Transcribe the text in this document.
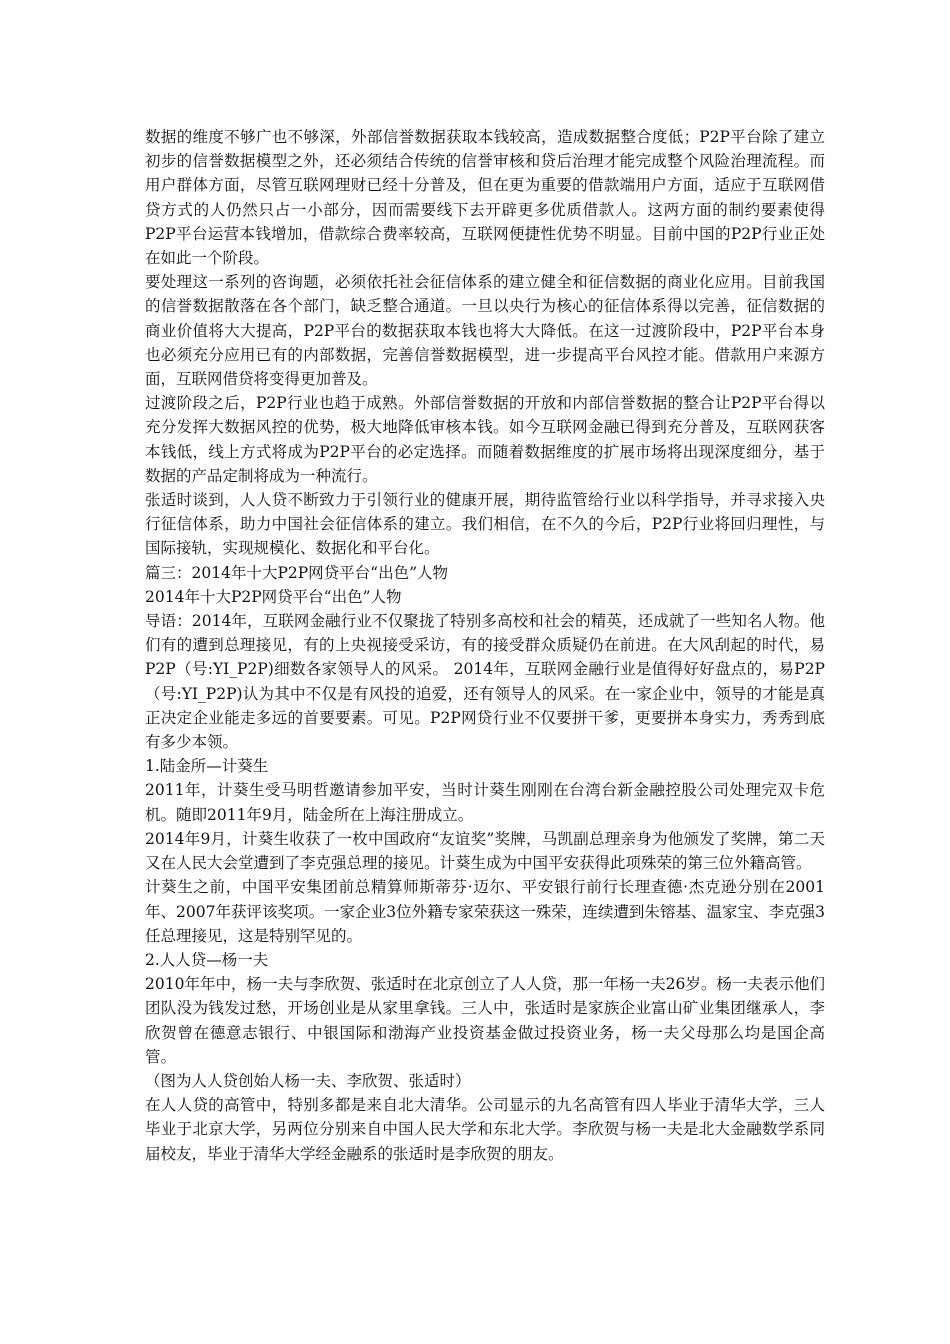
数据的维度不够广也不够深，外部信誉数据获取本钱较高，造成数据整合度低；P2P平台除了建立初步的信誉数据模型之外，还必须结合传统的信誉审核和贷后治理才能完成整个风险治理流程。而用户群体方面，尽管互联网理财已经十分普及，但在更为重要的借款端用户方面，适应于互联网借贷方式的人仍然只占一小部分，因而需要线下去开辟更多优质借款人。这两方面的制约要素使得P2P平台运营本钱增加，借款综合费率较高，互联网便捷性优势不明显。目前中国的P2P行业正处在如此一个阶段。

要处理这一系列的咨询题，必须依托社会征信体系的建立健全和征信数据的商业化应用。目前我国的信誉数据散落在各个部门，缺乏整合通道。一旦以央行为核心的征信体系得以完善，征信数据的商业价值将大大提高，P2P平台的数据获取本钱也将大大降低。在这一过渡阶段中，P2P平台本身也必须充分应用已有的内部数据，完善信誉数据模型，进一步提高平台风控才能。借款用户来源方面，互联网借贷将变得更加普及。

过渡阶段之后，P2P行业也趋于成熟。外部信誉数据的开放和内部信誉数据的整合让P2P平台得以充分发挥大数据风控的优势，极大地降低审核本钱。如今互联网金融已得到充分普及，互联网获客本钱低，线上方式将成为P2P平台的必定选择。而随着数据维度的扩展市场将出现深度细分，基于数据的产品定制将成为一种流行。

张适时谈到，人人贷不断致力于引领行业的健康开展，期待监管给行业以科学指导，并寻求接入央行征信体系，助力中国社会征信体系的建立。我们相信，在不久的今后，P2P行业将回归理性，与国际接轨，实现规模化、数据化和平台化。

篇三：2014年十大P2P网贷平台“出色”人物

2014年十大P2P网贷平台“出色”人物

导语：2014年，互联网金融行业不仅聚拢了特别多高校和社会的精英，还成就了一些知名人物。他们有的遭到总理接见，有的上央视接受采访，有的接受群众质疑仍在前进。在大风刮起的时代，易P2P（号:YI_P2P)细数各家领导人的风采。 2014年，互联网金融行业是值得好好盘点的，易P2P（号:YI_P2P)认为其中不仅是有风投的追爱，还有领导人的风采。在一家企业中，领导的才能是真正决定企业能走多远的首要要素。可见。P2P网贷行业不仅要拼干爹，更要拼本身实力，秀秀到底有多少本领。

1.陆金所—计葵生

2011年，计葵生受马明哲邀请参加平安，当时计葵生刚刚在台湾台新金融控股公司处理完双卡危机。随即2011年9月，陆金所在上海注册成立。

2014年9月，计葵生收获了一枚中国政府“友谊奖”奖牌，马凯副总理亲身为他颁发了奖牌，第二天又在人民大会堂遭到了李克强总理的接见。计葵生成为中国平安获得此项殊荣的第三位外籍高管。

计葵生之前，中国平安集团前总精算师斯蒂芬·迈尔、平安银行前行长理查德·杰克逊分别在2001年、2007年获评该奖项。一家企业3位外籍专家荣获这一殊荣，连续遭到朱镕基、温家宝、李克强3任总理接见，这是特别罕见的。

2.人人贷—杨一夫

2010年年中，杨一夫与李欣贺、张适时在北京创立了人人贷，那一年杨一夫26岁。杨一夫表示他们团队没为钱发过愁，开场创业是从家里拿钱。三人中，张适时是家族企业富山矿业集团继承人，李欣贺曾在德意志银行、中银国际和渤海产业投资基金做过投资业务，杨一夫父母那么均是国企高管。

（图为人人贷创始人杨一夫、李欣贺、张适时）

在人人贷的高管中，特别多都是来自北大清华。公司显示的九名高管有四人毕业于清华大学，三人毕业于北京大学，另两位分别来自中国人民大学和东北大学。李欣贺与杨一夫是北大金融数学系同届校友，毕业于清华大学经金融系的张适时是李欣贺的朋友。
